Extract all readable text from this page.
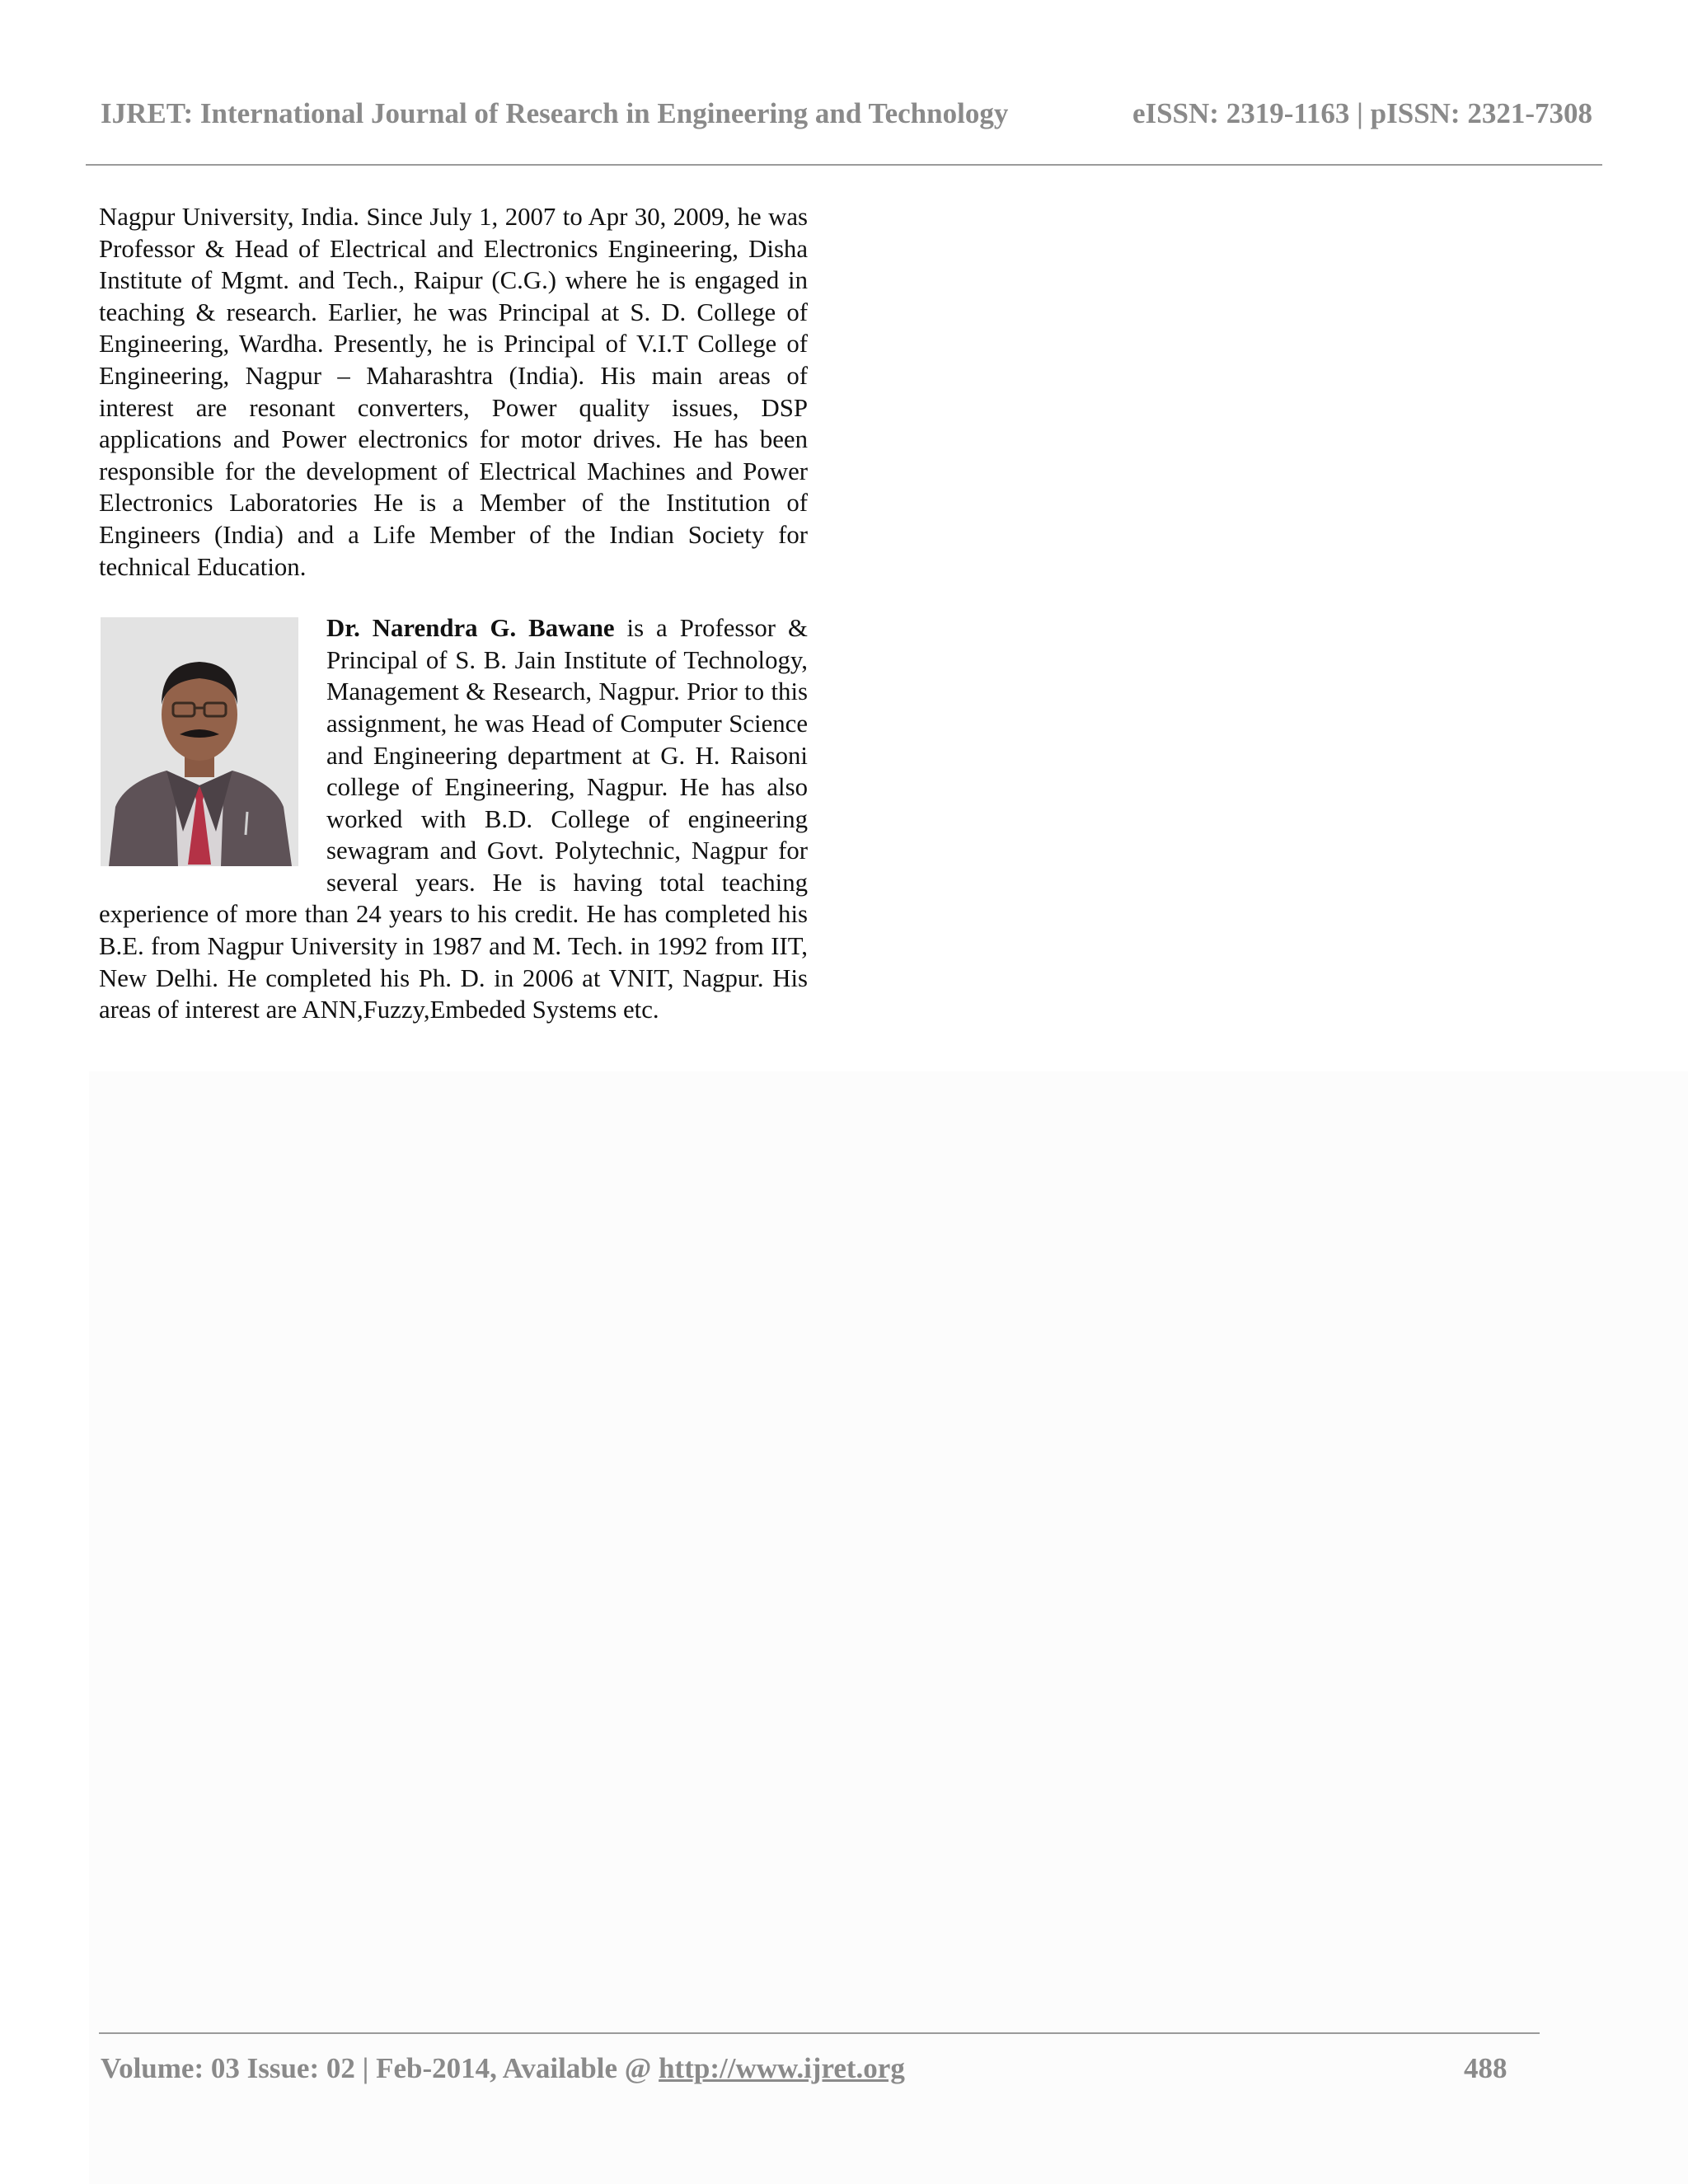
IJRET: International Journal of Research in Engineering and Technology	eISSN: 2319-1163 | pISSN: 2321-7308

Nagpur University, India. Since July 1, 2007 to Apr 30, 2009, he was Professor & Head of Electrical and Electronics Engineering, Disha Institute of Mgmt. and Tech., Raipur (C.G.) where he is engaged in teaching & research. Earlier, he was Principal at S. D. College of Engineering, Wardha. Presently, he is Principal of V.I.T College of Engineering, Nagpur – Maharashtra (India). His main areas of interest are resonant converters, Power quality issues, DSP applications and Power electronics for motor drives. He has been responsible for the development of Electrical Machines and Power Electronics Laboratories He is a Member of the Institution of Engineers (India) and a Life Member of the Indian Society for technical Education.

Dr. Narendra G. Bawane is a Professor & Principal of S. B. Jain Institute of Technology, Management & Research, Nagpur. Prior to this assignment, he was Head of Computer Science and Engineering department at G. H. Raisoni college of Engineering, Nagpur. He has also worked with B.D. College of engineering sewagram and Govt. Polytechnic, Nagpur for several years. He is having total teaching experience of more than 24 years to his credit. He has completed his B.E. from Nagpur University in 1987 and M. Tech. in 1992 from IIT, New Delhi. He completed his Ph. D. in 2006 at VNIT, Nagpur. His areas of interest are ANN,Fuzzy,Embeded Systems etc.

Volume: 03 Issue: 02 | Feb-2014, Available @ http://www.ijret.org	488
